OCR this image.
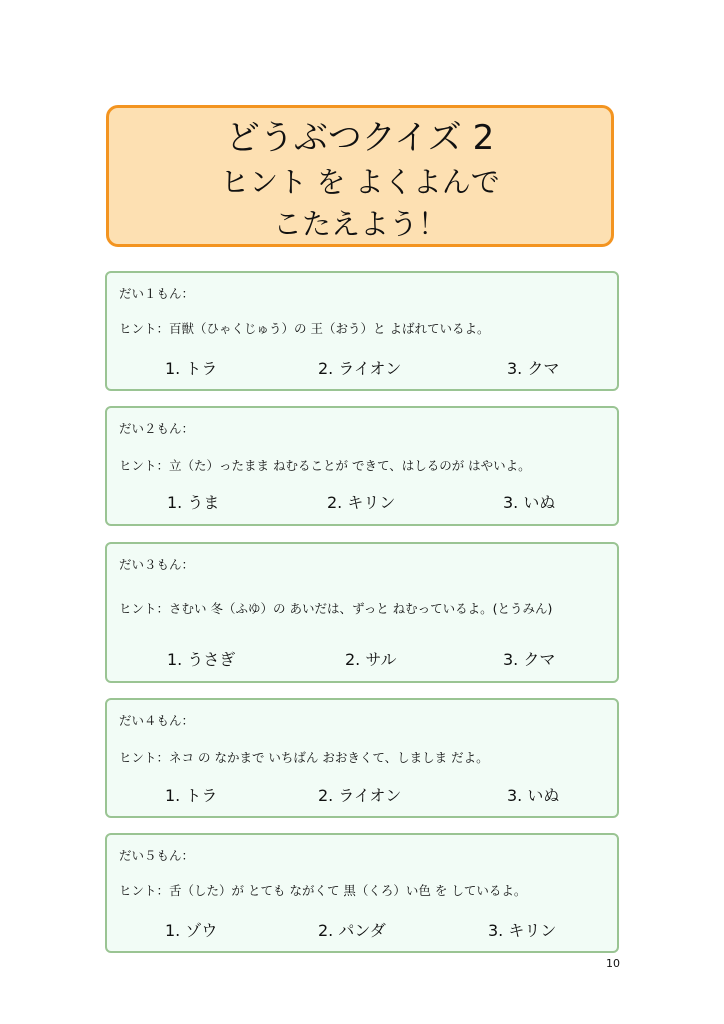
どうぶつクイズ 2
ヒント を よくよんで
こたえよう！
だい１もん：
ヒント：百獣（ひゃくじゅう）の 王（おう）と よばれているよ。
1. トラ	2. ライオン	3. クマ
だい２もん：
ヒント：立（た）ったまま ねむることが できて、はしるのが はやいよ。
1. うま	2. キリン	3. いぬ
だい３もん：
ヒント：さむい 冬（ふゆ）の あいだは、ずっと ねむっているよ。(とうみん)
1. うさぎ	2. サル	3. クマ
だい４もん：
ヒント：ネコ の なかまで いちばん おおきくて、しましま だよ。
1. トラ	2. ライオン	3. いぬ
だい５もん：
ヒント：舌（した）が とても ながくて 黒（くろ）い色 を しているよ。
1. ゾウ	2. パンダ	3. キリン
10
